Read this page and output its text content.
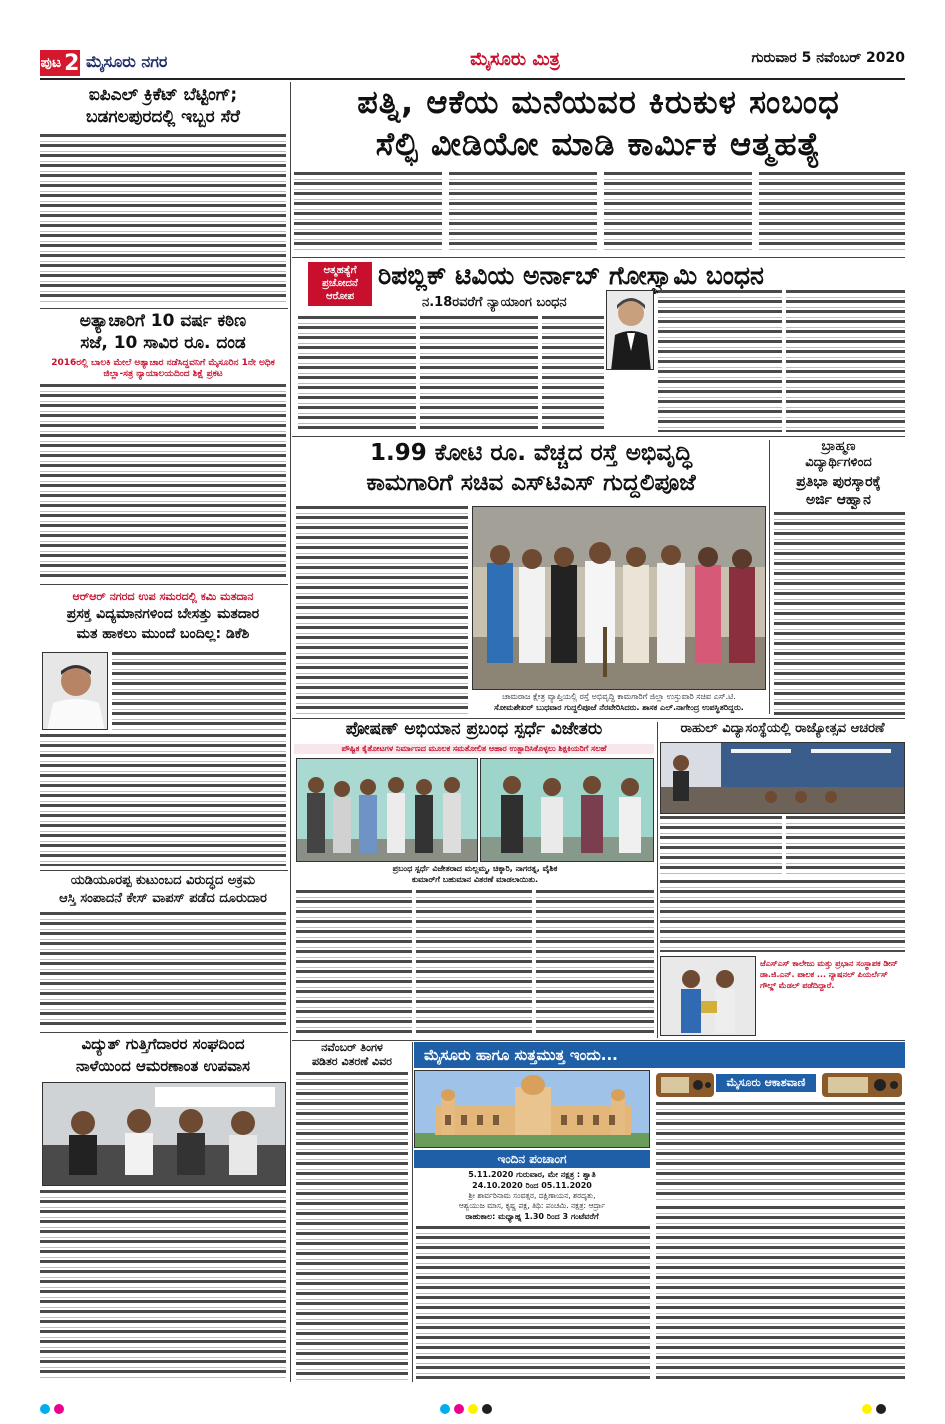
ಪುಟ 2 ಮೈಸೂರು ನಗರ	ಮೈಸೂರು ಮಿತ್ರ	ಗುರುವಾರ 5 ನವೆಂಬರ್ 2020
ಪತ್ನಿ, ಆಕೆಯ ಮನೆಯವರ ಕಿರುಕುಳ ಸಂಬಂಧ
ಸೆಲ್ಫಿ ವೀಡಿಯೋ ಮಾಡಿ ಕಾರ್ಮಿಕ ಆತ್ಮಹತ್ಯೆ
ಐಪಿಎಲ್ ಕ್ರಿಕೆಟ್ ಬೆಟ್ಟಿಂಗ್;
ಬಡಗಲಪುರದಲ್ಲಿ ಇಬ್ಬರ ಸೆರೆ
ಆತ್ಮಹತ್ಯೆಗೆ ಪ್ರಚೋದನೆ ಆರೋಪ
ರಿಪಬ್ಲಿಕ್ ಟಿವಿಯ ಅರ್ನಾಬ್ ಗೋಸ್ವಾಮಿ ಬಂಧನ
ನ.18ರವರೆಗೆ ನ್ಯಾಯಾಂಗ ಬಂಧನ
ಅತ್ಯಾಚಾರಿಗೆ 10 ವರ್ಷ ಕಠಿಣ
ಸಜೆ, 10 ಸಾವಿರ ರೂ. ದಂಡ
2016ರಲ್ಲಿ ಬಾಲಕಿ ಮೇಲೆ ಅತ್ಯಾಚಾರ ನಡೆಸಿದ್ದವನಿಗೆ ಮೈಸೂರಿನ 1ನೇ ಅಧಿಕ ಜಿಲ್ಲಾ-ಸತ್ರ ನ್ಯಾಯಾಲಯದಿಂದ ಶಿಕ್ಷೆ ಪ್ರಕಟ
1.99 ಕೋಟಿ ರೂ. ವೆಚ್ಚದ ರಸ್ತೆ ಅಭಿವೃದ್ಧಿ
ಕಾಮಗಾರಿಗೆ ಸಚಿವ ಎಸ್‌ಟಿಎಸ್ ಗುದ್ದಲಿಪೂಜೆ
ಚಾಮರಾಜ ಕ್ಷೇತ್ರ ವ್ಯಾಪ್ತಿಯಲ್ಲಿ ರಸ್ತೆ ಅಭಿವೃದ್ಧಿ ಕಾಮಗಾರಿಗೆ ಜಿಲ್ಲಾ ಉಸ್ತುವಾರಿ ಸಚಿವ ಎಸ್.ಟಿ.
ಸೋಮಶೇಖರ್ ಬುಧವಾರ ಗುದ್ದಲಿಪೂಜೆ ನೆರವೇರಿಸಿದರು. ಶಾಸಕ ಎಲ್.ನಾಗೇಂದ್ರ ಉಪಸ್ಥಿತರಿದ್ದರು.
ಬ್ರಾಹ್ಮಣ
ವಿದ್ಯಾರ್ಥಿಗಳಿಂದ
ಪ್ರತಿಭಾ ಪುರಸ್ಕಾರಕ್ಕೆ
ಅರ್ಜಿ ಆಹ್ವಾನ
ಆರ್‌ಆರ್ ನಗರದ ಉಪ ಸಮರದಲ್ಲಿ ಕಮಿ ಮತದಾನ
ಪ್ರಸಕ್ತ ವಿದ್ಯಮಾನಗಳಿಂದ ಬೇಸತ್ತು ಮತದಾರ
ಮತ ಹಾಕಲು ಮುಂದೆ ಬಂದಿಲ್ಲ: ಡಿಕೆಶಿ
ಪೋಷಣ್ ಅಭಿಯಾನ ಪ್ರಬಂಧ ಸ್ಪರ್ಧೆ ವಿಜೇತರು
ಪೌಷ್ಟಿಕ ಕೈತೋಟಗಳ ನಿರ್ಮಾಣದ ಮೂಲಕ ಸಮತೋಲಿತ ಆಹಾರ ಉತ್ಪಾದಿಸಿಕೊಳ್ಳಲು ಶಿಕ್ಷಕಿಯರಿಗೆ ಸಲಹೆ
ಪ್ರಬಂಧ ಸ್ಪರ್ಧೆ ವಿಜೇತರಾದ ಮಲ್ಲಮ್ಮ, ಚಿಕ್ಕಾರಿ, ನಾಗರತ್ನ, ವೈಶಿಕ
ಕುಮಾರ್‌ಗೆ ಬಹುಮಾನ ವಿತರಣೆ ಮಾಡಲಾಯಿತು.
ರಾಹುಲ್ ವಿದ್ಯಾಸಂಸ್ಥೆಯಲ್ಲಿ ರಾಜ್ಯೋತ್ಸವ ಆಚರಣೆ
ಜೆಎಸ್‌ಎಸ್ ಕಾಲೇಜು ಮತ್ತು ಪ್ರಭಾನ ಸಂಸ್ಥಾಪಕ ಡೀನ್ ಡಾ.ಜಿ.ಎನ್. ಪಾಲಕ ... ನ್ಯಾಷನಲ್ ಪಿಯರ್ಲೆಸ್ ಗೌಲ್ಡ್ ಮೆಡಲ್ ಪಡೆದಿದ್ದಾರೆ.
ಯಡಿಯೂರಪ್ಪ ಕುಟುಂಬದ ವಿರುದ್ಧದ ಅಕ್ರಮ
ಆಸ್ತಿ ಸಂಪಾದನೆ ಕೇಸ್ ವಾಪಸ್ ಪಡೆದ ದೂರುದಾರ
ವಿದ್ಯುತ್ ಗುತ್ತಿಗೆದಾರರ ಸಂಘದಿಂದ
ನಾಳೆಯಿಂದ ಆಮರಣಾಂತ ಉಪವಾಸ
ನವೆಂಬರ್ ತಿಂಗಳ
ಪಡಿತರ ವಿತರಣೆ ವಿವರ	ಮೈಸೂರು ಹಾಗೂ ಸುತ್ತಮುತ್ತ ಇಂದು...
ಇಂದಿನ ಪಂಚಾಂಗ
5.11.2020 ಗುರುವಾರ, ಮೇ ನಕ್ಷತ್ರ : ಶ್ವಾತಿ
24.10.2020 ರಿಂದ 05.11.2020
ಶ್ರೀ ಶಾರ್ವರಿನಾಮ ಸಂವತ್ಸರ, ದಕ್ಷಿಣಾಯನ, ಶರದೃತು,
ಆಶ್ವಯುಜ ಮಾಸ, ಕೃಷ್ಣ ಪಕ್ಷ, ತಿಥಿ: ಪಂಚಮಿ. ನಕ್ಷತ್ರ: ಆರ್ದ್ರಾ
ರಾಹುಕಾಲ: ಮಧ್ಯಾಹ್ನ 1.30 ರಿಂದ 3 ಗಂಟೆವರೆಗೆ
ಮೈಸೂರು ಆಕಾಶವಾಣಿ
